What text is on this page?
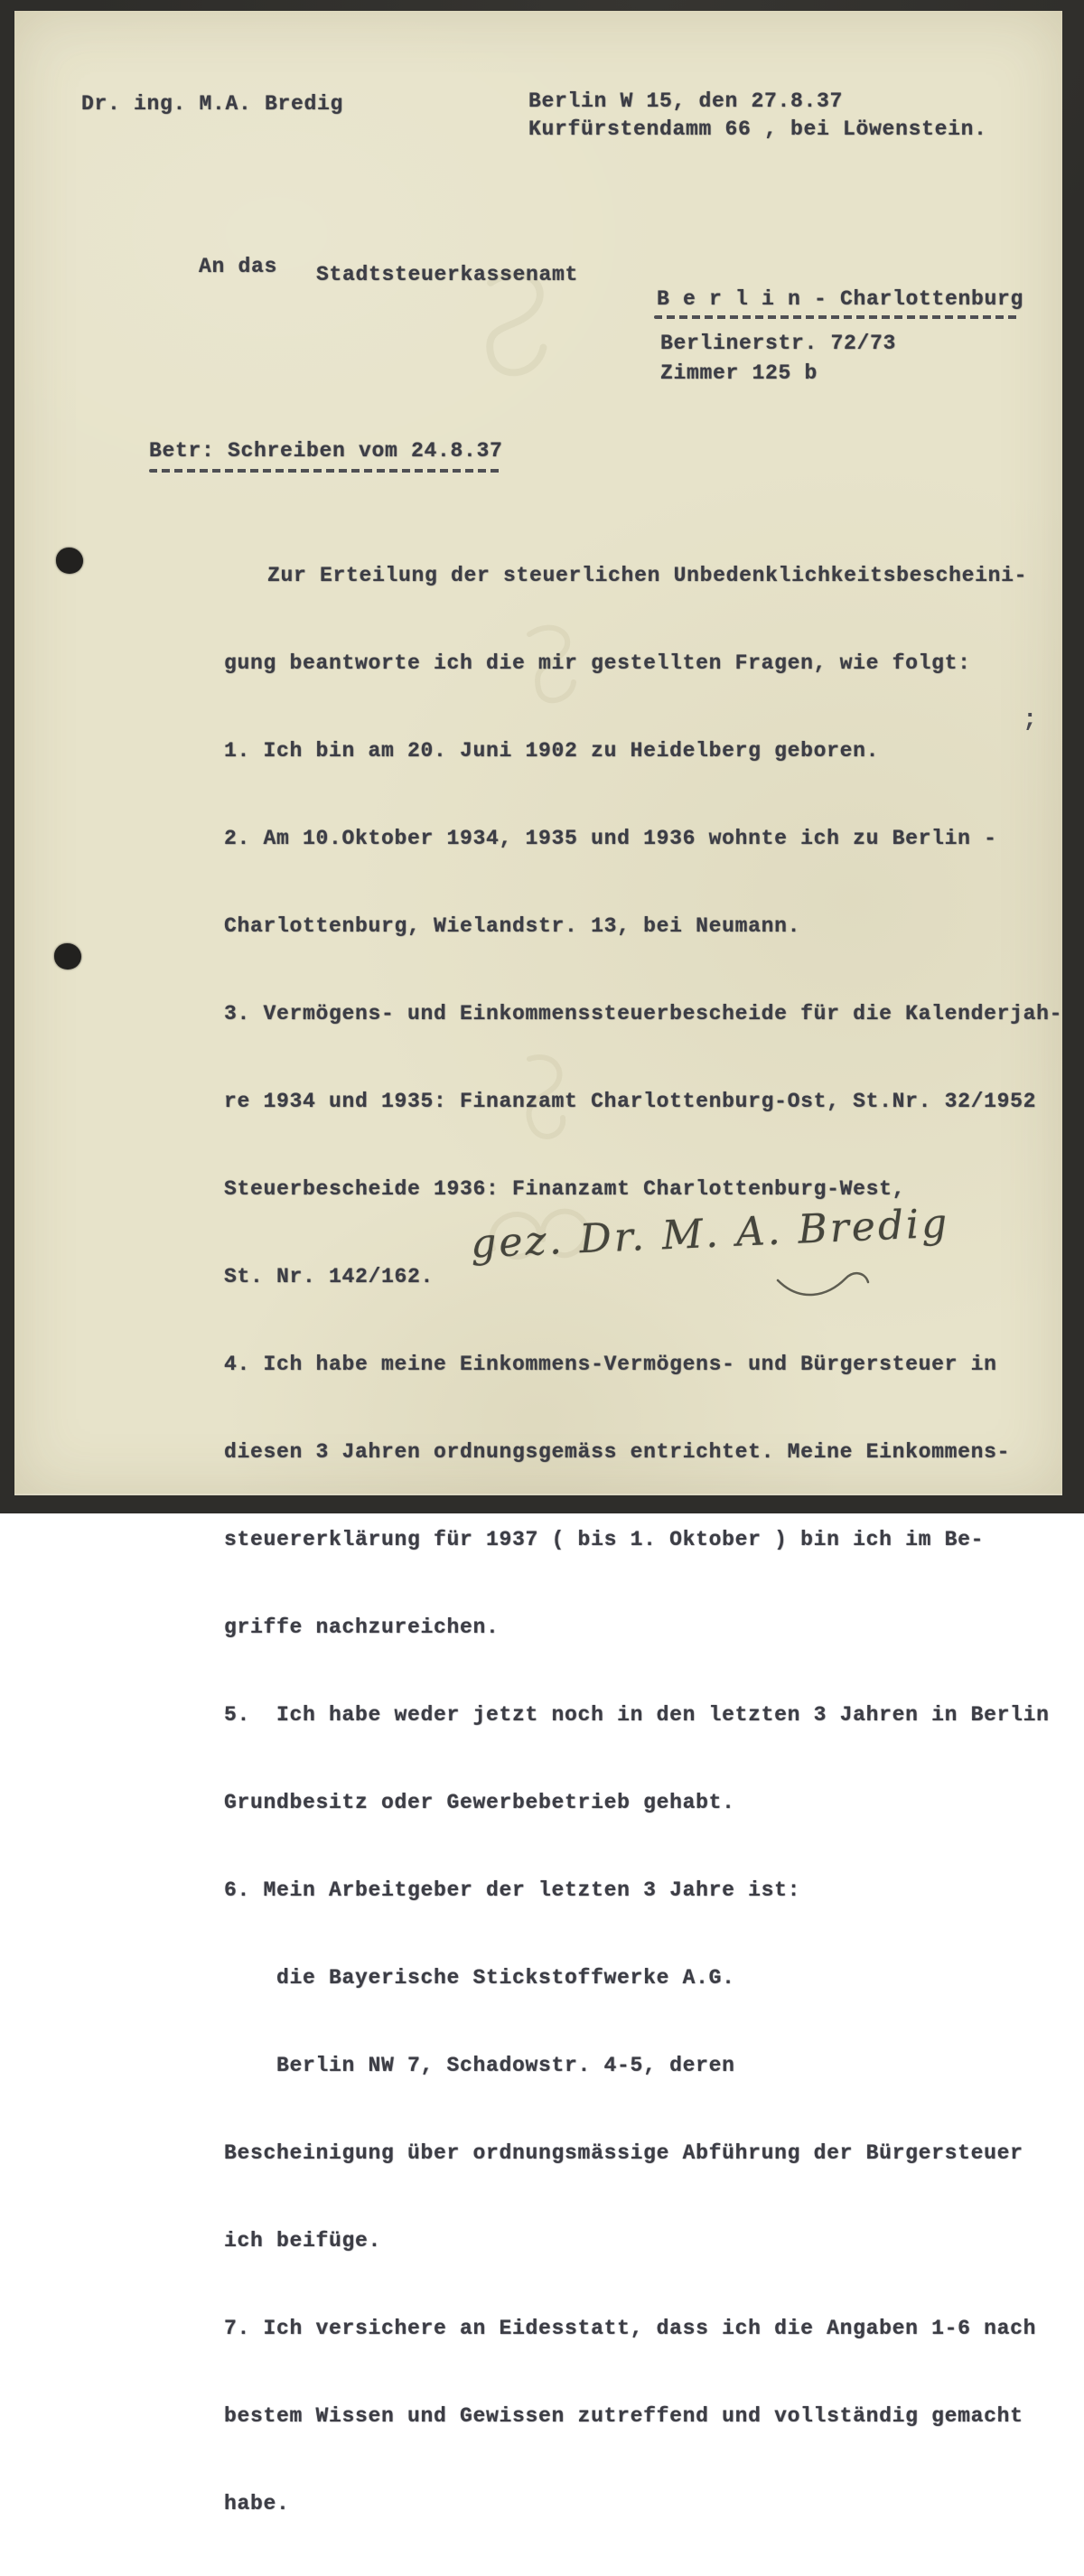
Dr. ing. M.A. Bredig	Berlin W 15, den 27.8.37
Kurfürstendamm 66 , bei Löwenstein.
An das Stadtsteuerkassenamt
B e r l i n - Charlottenburg
Berlinerstr. 72/73
Zimmer 125 b
Betr: Schreiben vom 24.8.37

Zur Erteilung der steuerlichen Unbedenklichkeitsbescheini-

gung beantworte ich die mir gestellten Fragen, wie folgt:

1. Ich bin am 20. Juni 1902 zu Heidelberg geboren.

2. Am 10.Oktober 1934, 1935 und 1936 wohnte ich zu Berlin -

Charlottenburg, Wielandstr. 13, bei Neumann.

3. Vermögens- und Einkommenssteuerbescheide für die Kalenderjah-

re 1934 und 1935: Finanzamt Charlottenburg-Ost, St.Nr. 32/1952

Steuerbescheide 1936: Finanzamt Charlottenburg-West,

St. Nr. 142/162.

4. Ich habe meine Einkommens-Vermögens- und Bürgersteuer in

diesen 3 Jahren ordnungsgemäss entrichtet. Meine Einkommens-

steuererklärung für 1937 ( bis 1. Oktober ) bin ich im Be-

griffe nachzureichen.

5.  Ich habe weder jetzt noch in den letzten 3 Jahren in Berlin

Grundbesitz oder Gewerbebetrieb gehabt.

6. Mein Arbeitgeber der letzten 3 Jahre ist:

die Bayerische Stickstoffwerke A.G.

Berlin NW 7, Schadowstr. 4-5, deren

Bescheinigung über ordnungsmässige Abführung der Bürgersteuer

ich beifüge.

7. Ich versichere an Eidesstatt, dass ich die Angaben 1-6 nach

bestem Wissen und Gewissen zutreffend und vollständig gemacht

habe.

;
gez. Dr. M. A. Bredig
